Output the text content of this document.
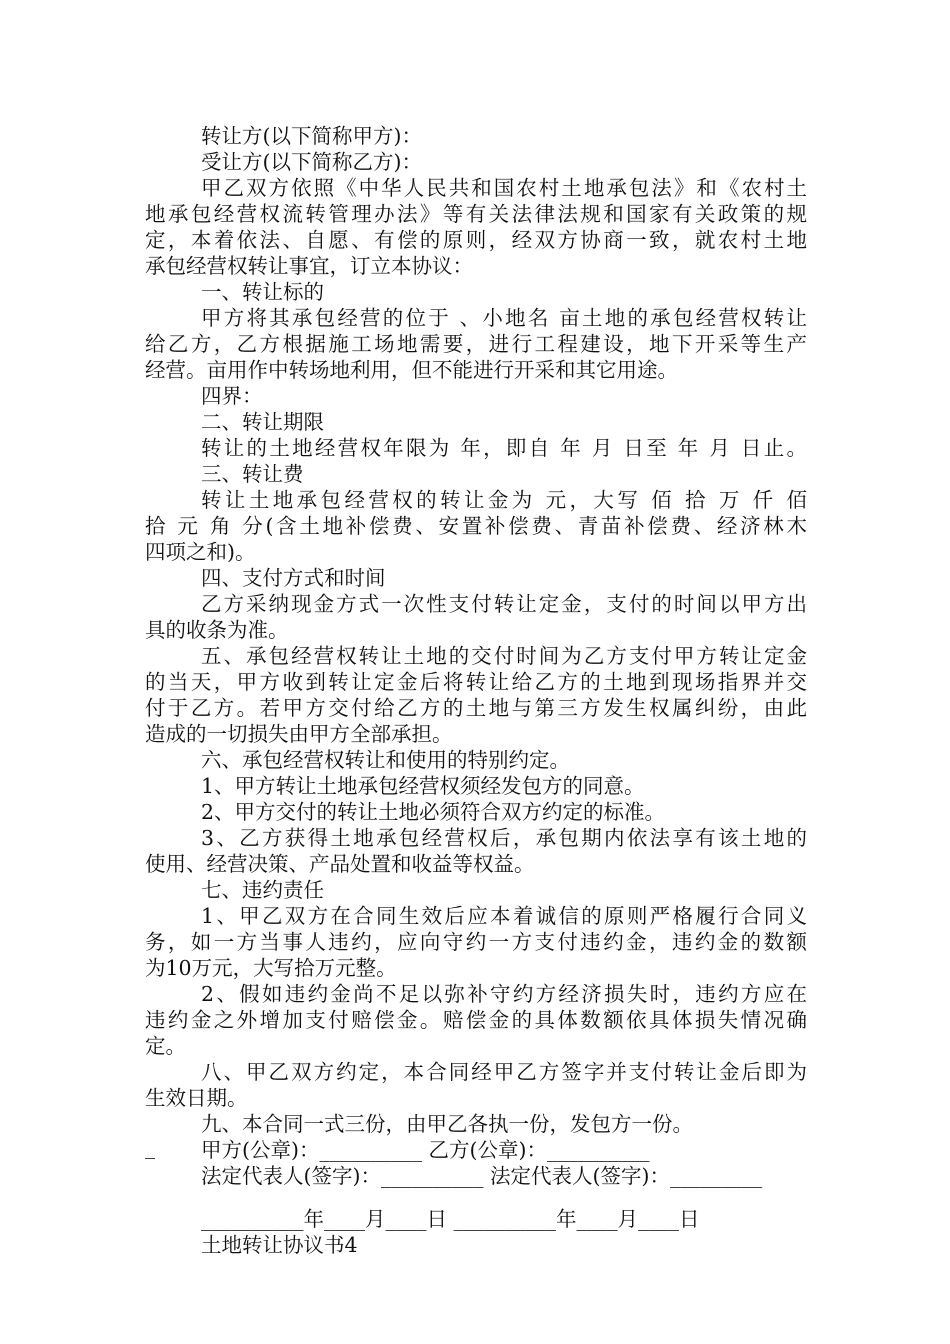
转让方(以下简称甲方)：

受让方(以下简称乙方)：

甲乙双方依照《中华人民共和国农村土地承包法》和《农村土

地承包经营权流转管理办法》等有关法律法规和国家有关政策的规

定，本着依法、自愿、有偿的原则，经双方协商一致，就农村土地

承包经营权转让事宜，订立本协议：

一、转让标的

甲方将其承包经营的位于 、小地名 亩土地的承包经营权转让

给乙方，乙方根据施工场地需要，进行工程建设，地下开采等生产

经营。亩用作中转场地利用，但不能进行开采和其它用途。

四界：

二、转让期限

转让的土地经营权年限为 年，即自 年 月 日至 年 月 日止。

三、转让费

转让土地承包经营权的转让金为 元，大写 佰 拾 万 仟 佰

拾 元 角 分(含土地补偿费、安置补偿费、青苗补偿费、经济林木

四项之和)。

四、支付方式和时间

乙方采纳现金方式一次性支付转让定金，支付的时间以甲方出

具的收条为准。

五、承包经营权转让土地的交付时间为乙方支付甲方转让定金

的当天，甲方收到转让定金后将转让给乙方的土地到现场指界并交

付于乙方。若甲方交付给乙方的土地与第三方发生权属纠纷，由此

造成的一切损失由甲方全部承担。

六、承包经营权转让和使用的特别约定。

1、甲方转让土地承包经营权须经发包方的同意。

2、甲方交付的转让土地必须符合双方约定的标准。

3、乙方获得土地承包经营权后，承包期内依法享有该土地的

使用、经营决策、产品处置和收益等权益。

七、违约责任

1、甲乙双方在合同生效后应本着诚信的原则严格履行合同义

务，如一方当事人违约，应向守约一方支付违约金，违约金的数额

为10万元，大写拾万元整。

2、假如违约金尚不足以弥补守约方经济损失时，违约方应在

违约金之外增加支付赔偿金。赔偿金的具体数额依具体损失情况确

定。

八、甲乙双方约定，本合同经甲乙方签字并支付转让金后即为

生效日期。

九、本合同一式三份，由甲乙各执一份，发包方一份。

甲方(公章)：__________ 乙方(公章)：__________

法定代表人(签字)：__________ 法定代表人(签字)：_________

__________年____月____日 __________年____月____日

土地转让协议书4
